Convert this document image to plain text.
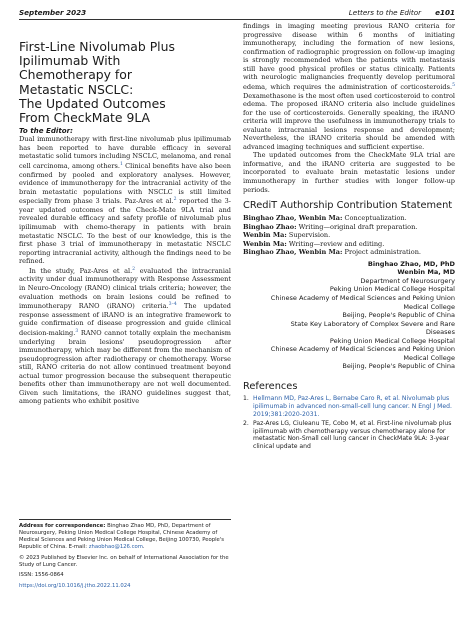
September 2023	Letters to the Editor e101
First-Line Nivolumab Plus
Ipilimumab With
Chemotherapy for
Metastatic NSCLC:
The Updated Outcomes
From CheckMate 9LA
To the Editor:

Dual immunotherapy with first-line nivolumab plus ipilimumab has been reported to have durable efficacy in several metastatic solid tumors including NSCLC, melanoma, and renal cell carcinoma, among others.$^1$ Clinical benefits have also been confirmed by pooled and exploratory analyses. However, evidence of immunotherapy for the intracranial activity of the brain metastatic populations with NSCLC is still limited especially from phase 3 trials. Paz-Ares et al.$^2$ reported the 3-year updated outcomes of the Check-Mate 9LA trial and revealed durable efficacy and safety profile of nivolumab plus ipilimumab with chemo-therapy in patients with brain metastatic NSCLC. To the best of our knowledge, this is the first phase 3 trial of immunotherapy in metastatic NSCLC reporting intracranial activity, although the findings need to be refined.

In the study, Paz-Ares et al.$^2$ evaluated the intracranial activity under dual immunotherapy with Response Assessment in Neuro-Oncology (RANO) clinical trials criteria; however, the evaluation methods on brain lesions could be refined to immunotherapy RANO (iRANO) criteria.$^{3-4}$ The updated response assessment of iRANO is an integrative framework to guide confirmation of disease progression and guide clinical decision-making.$^3$ RANO cannot totally explain the mechanism underlying brain lesions' pseudoprogression after immunotherapy, which may be different from the mechanism of pseudoprogression after radiotherapy or chemotherapy. Worse still, RANO criteria do not allow continued treatment beyond actual tumor progression because the subsequent therapeutic benefits other than immunotherapy are not well documented. Given such limitations, the iRANO guidelines suggest that, among patients who exhibit positive

findings in imaging meeting previous RANO criteria for progressive disease within 6 months of initiating immunotherapy, including the formation of new lesions, confirmation of radiographic progression on follow-up imaging is strongly recommended when the patients with metastasis still have good physical profiles or status clinically. Patients with neurologic malignancies frequently develop peritumoral edema, which requires the administration of corticosteroids.$^5$ Dexamethasone is the most often used corticosteroid to control edema. The proposed iRANO criteria also include guidelines for the use of corticosteroids. Generally speaking, the iRANO criteria will improve the usefulness in immunotherapy trials to evaluate intracranial lesions response and development; Nevertheless, the iRANO criteria should be amended with advanced imaging techniques and sufficient expertise.

The updated outcomes from the CheckMate 9LA trial are informative, and the iRANO criteria are suggested to be incorporated to evaluate brain metastatic lesions under immunotherapy in further studies with longer follow-up periods.

CRediT Authorship Contribution Statement

Binghao Zhao, Wenbin Ma: Conceptualization.

Binghao Zhao: Writing—original draft preparation.

Wenbin Ma: Supervision.

Wenbin Ma: Writing—review and editing.

Binghao Zhao, Wenbin Ma: Project administration.

Binghao Zhao, MD, PhD
Wenbin Ma, MD
Department of Neurosurgery
Peking Union Medical College Hospital
Chinese Academy of Medical Sciences and Peking Union
Medical College
Beijing, People's Republic of China
State Key Laboratory of Complex Severe and Rare
Diseases
Peking Union Medical College Hospital
Chinese Academy of Medical Sciences and Peking Union
Medical College
Beijing, People's Republic of China
References
1. Hellmann MD, Paz-Ares L, Bernabe Caro R, et al. Nivolumab plus ipilimumab in advanced non-small-cell lung cancer. N Engl J Med. 2019;381:2020-2031.
2. Paz-Ares LG, Ciuleanu TE, Cobo M, et al. First-line nivolumab plus ipilimumab with chemotherapy versus chemotherapy alone for metastatic Non-Small cell lung cancer in CheckMate 9LA: 3-year clinical update and
Address for correspondence: Binghao Zhao MD, PhD, Department of Neurosurgery, Peking Union Medical College Hospital, Chinese Academy of Medical Sciences and Peking Union Medical College, Beijing 100730, People's Republic of China. E-mail: zhaobhao@126.com.
© 2023 Published by Elsevier Inc. on behalf of International Association for the Study of Lung Cancer.
ISSN: 1556-0864
https://doi.org/10.1016/j.jtho.2022.11.024
